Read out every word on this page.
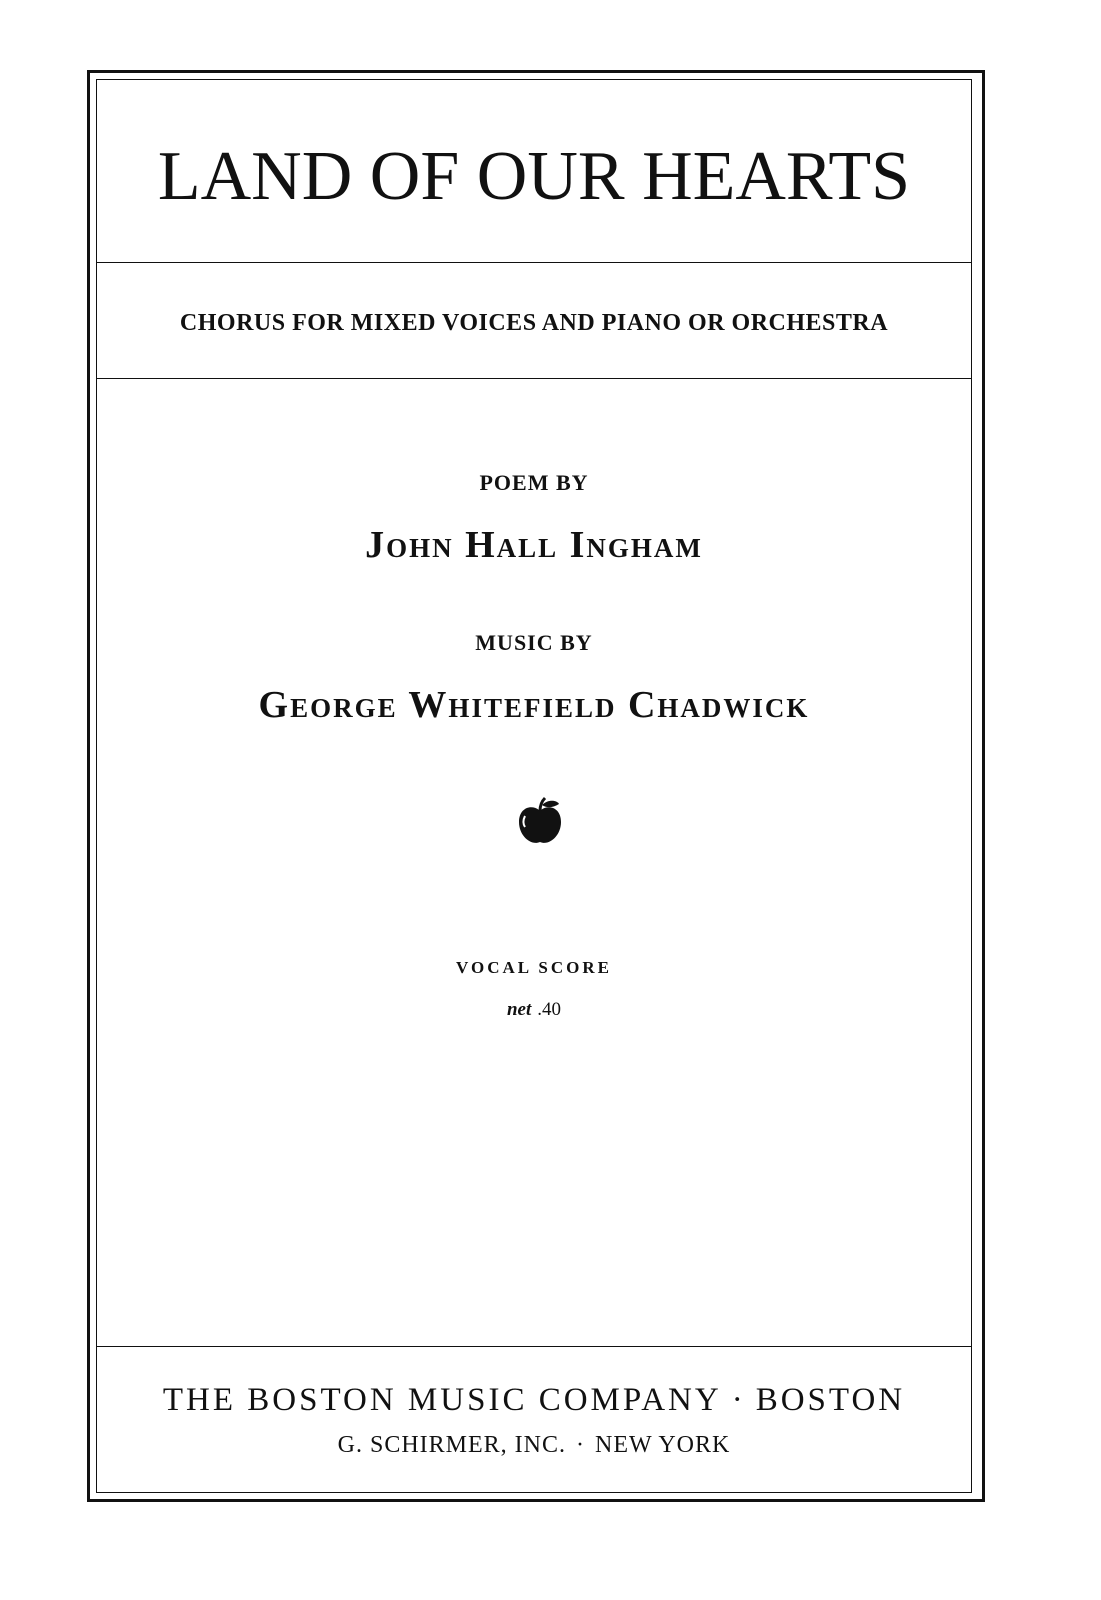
LAND OF OUR HEARTS
CHORUS FOR MIXED VOICES AND PIANO OR ORCHESTRA
POEM BY
John Hall Ingham
MUSIC BY
George Whitefield Chadwick
VOCAL SCORE
net .40
THE BOSTON MUSIC COMPANY · BOSTON
G. SCHIRMER, INC. · NEW YORK
